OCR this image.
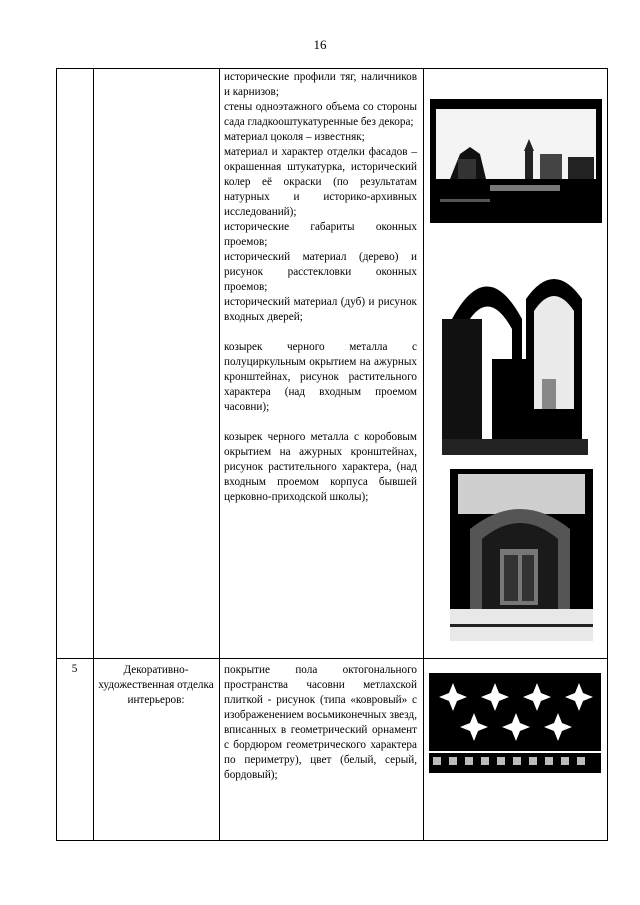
16

исторические профили тяг, наличников и карнизов;

стены одноэтажного объема со стороны сада гладкооштукатуренные без декора;

материал цоколя – известняк;

материал и характер отделки фасадов – окрашенная штукатурка, исторический колер её окраски (по результатам натурных и историко-архивных исследований);

исторические габариты оконных проемов;

исторический материал (дерево) и рисунок расстекловки оконных проемов;

исторический материал (дуб) и рисунок входных дверей;

козырек черного металла с полуциркульным окрытием на ажурных кронштейнах, рисунок растительного характера (над входным проемом часовни);

козырек черного металла с коробовым окрытием на ажурных кронштейнах, рисунок растительного характера, (над входным проемом корпуса бывшей церковно-приходской школы);

5	Декоративно-художественная отделка интерьеров:

покрытие пола октогонального пространства часовни метлахской плиткой - рисунок (типа «ковровый» с изображенением восьмиконечных звезд, вписанных в геометрический орнамент с бордюром геометрического характера по периметру), цвет (белый, серый, бордовый);
